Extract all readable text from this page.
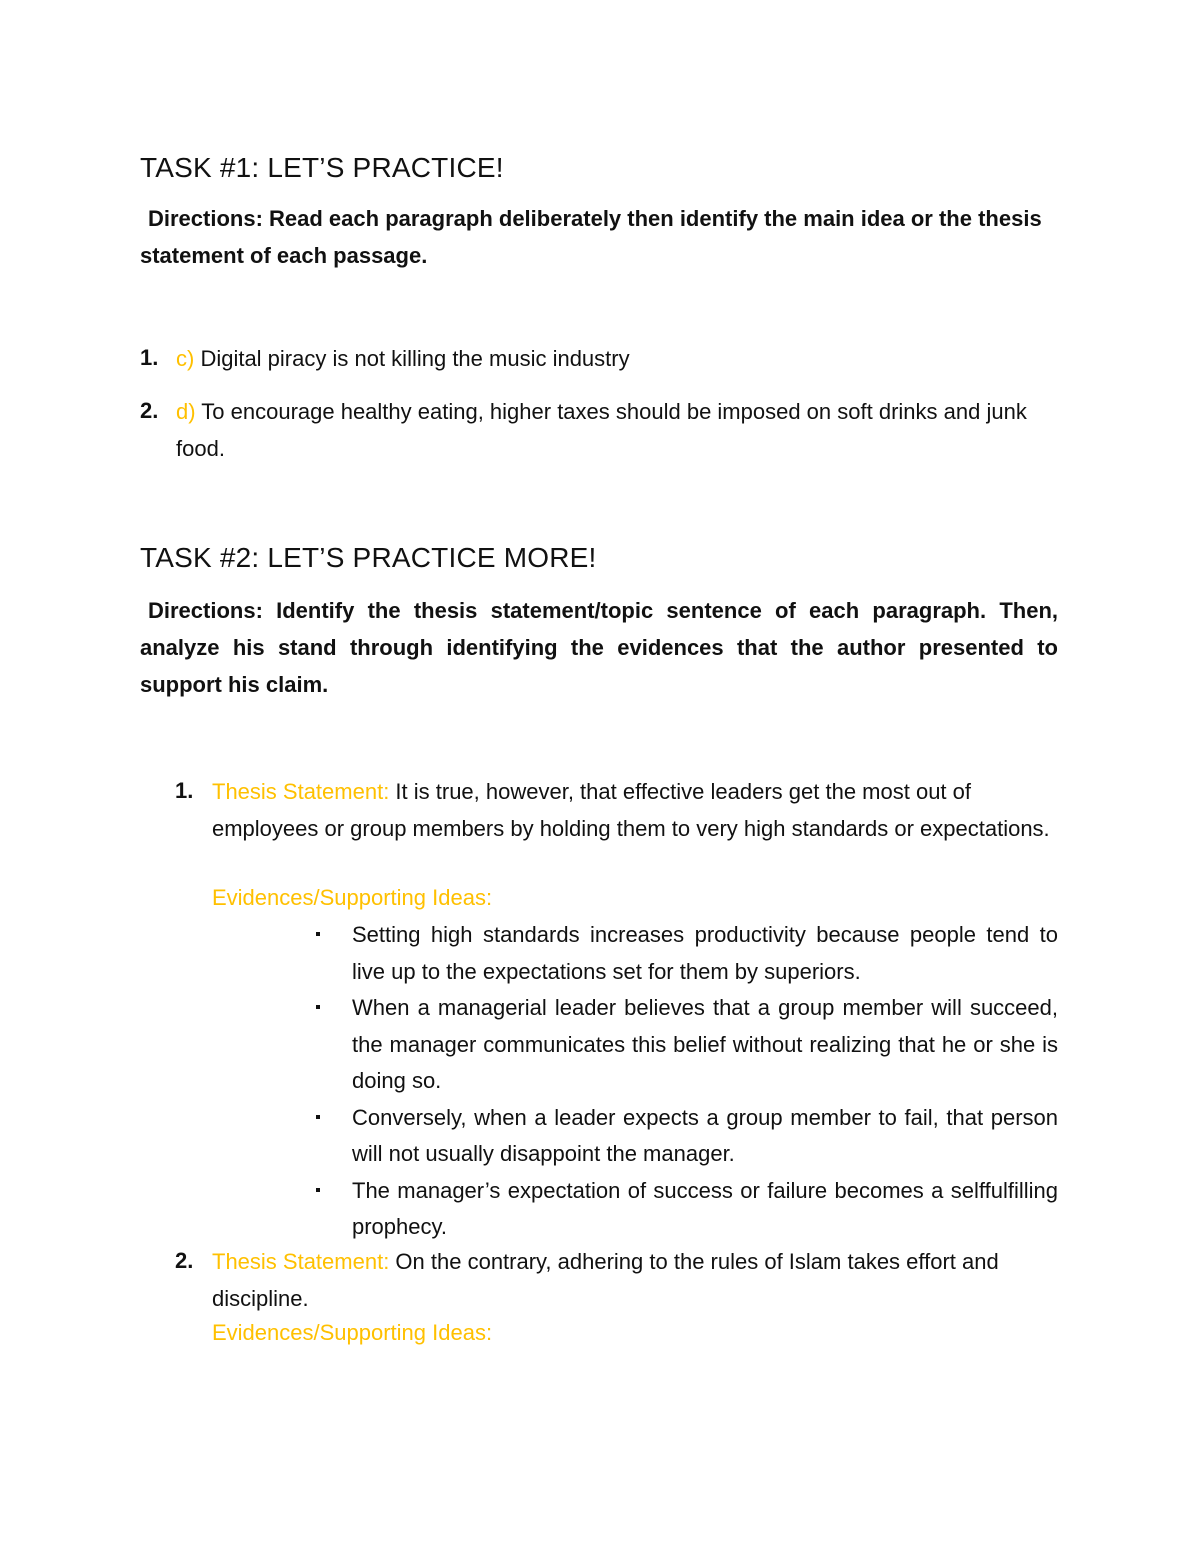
TASK #1: LET’S PRACTICE!
Directions: Read each paragraph deliberately then identify the main idea or the thesis statement of each passage.
1. c) Digital piracy is not killing the music industry
2. d) To encourage healthy eating, higher taxes should be imposed on soft drinks and junk food.
TASK #2: LET’S PRACTICE MORE!
Directions: Identify the thesis statement/topic sentence of each paragraph. Then, analyze his stand through identifying the evidences that the author presented to support his claim.
1. Thesis Statement: It is true, however, that effective leaders get the most out of employees or group members by holding them to very high standards or expectations.
Evidences/Supporting Ideas:
Setting high standards increases productivity because people tend to live up to the expectations set for them by superiors.
When a managerial leader believes that a group member will succeed, the manager communicates this belief without realizing that he or she is doing so.
Conversely, when a leader expects a group member to fail, that person will not usually disappoint the manager.
The manager’s expectation of success or failure becomes a selffulfilling prophecy.
2. Thesis Statement: On the contrary, adhering to the rules of Islam takes effort and discipline.
Evidences/Supporting Ideas:
